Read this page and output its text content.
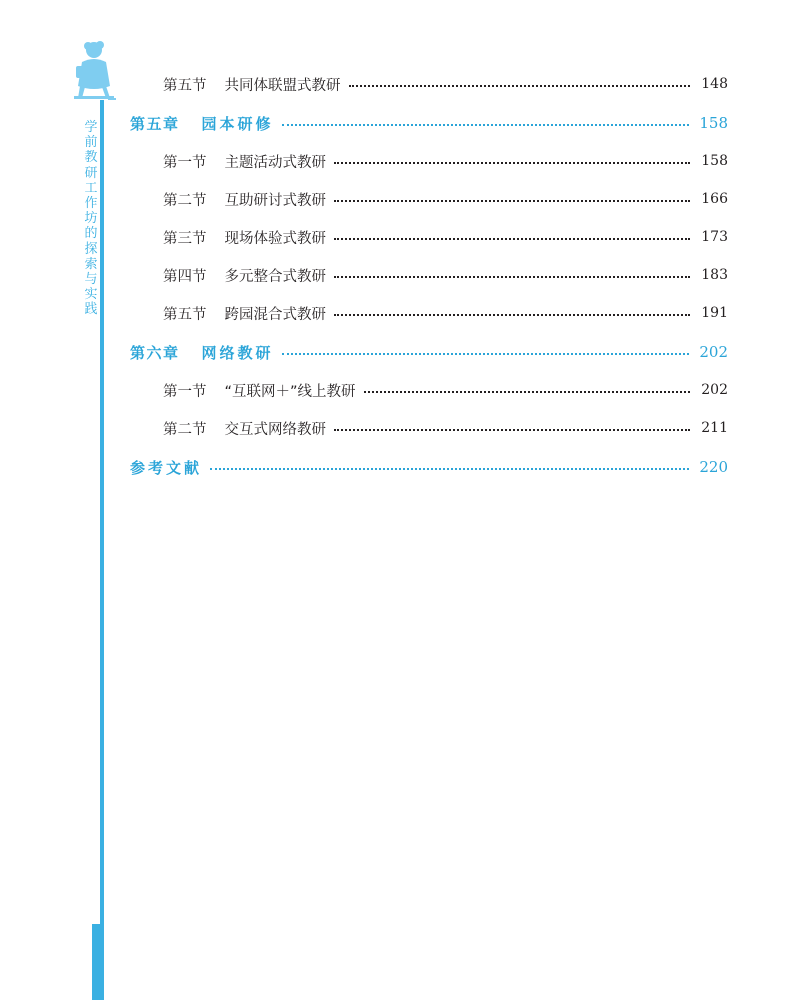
学前教研工作坊的探索与实践
第五节 共同体联盟式教研	148
第五章 园本研修	158
第一节 主题活动式教研	158
第二节 互助研讨式教研	166
第三节 现场体验式教研	173
第四节 多元整合式教研	183
第五节 跨园混合式教研	191
第六章 网络教研	202
第一节 “互联网＋”线上教研	202
第二节 交互式网络教研	211
参考文献	220
